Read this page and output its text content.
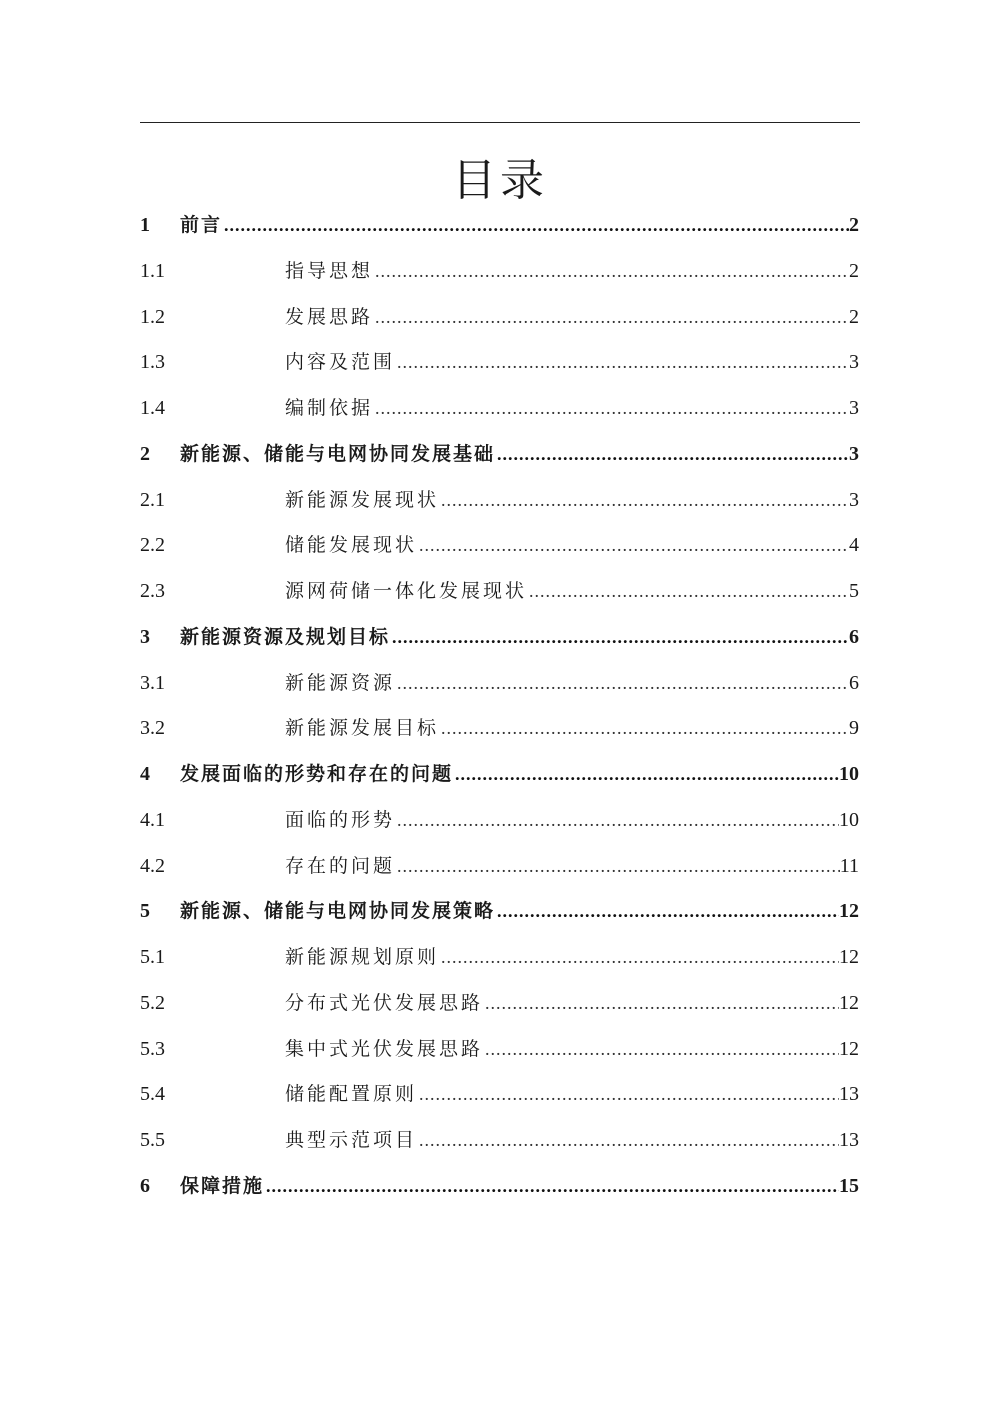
目录
1	前言 .....	2
1.1	指导思想 .....	2
1.2	发展思路 .....	2
1.3	内容及范围 .....	3
1.4	编制依据 .....	3
2	新能源、储能与电网协同发展基础 .....	3
2.1	新能源发展现状 .....	3
2.2	储能发展现状 .....	4
2.3	源网荷储一体化发展现状 .....	5
3	新能源资源及规划目标 .....	6
3.1	新能源资源 .....	6
3.2	新能源发展目标 .....	9
4	发展面临的形势和存在的问题 .....	10
4.1	面临的形势 .....	10
4.2	存在的问题 .....	11
5	新能源、储能与电网协同发展策略 .....	12
5.1	新能源规划原则 .....	12
5.2	分布式光伏发展思路 .....	12
5.3	集中式光伏发展思路 .....	12
5.4	储能配置原则 .....	13
5.5	典型示范项目 .....	13
6	保障措施 .....	15
